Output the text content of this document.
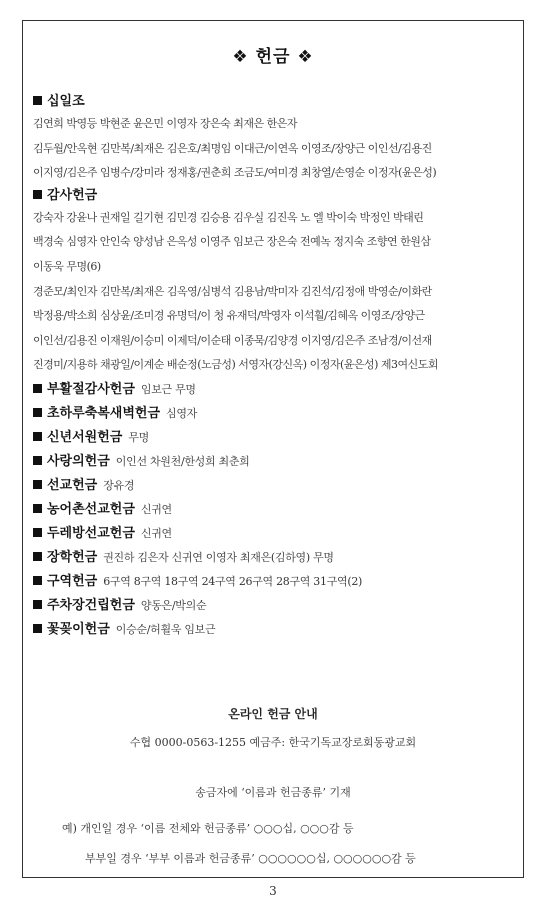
❖ 헌금 ❖
십일조
김연희 박영등 박현준 윤은민 이영자 장은숙 최재은 한은자
김두월/안옥현 김만복/최재은 김은호/최명임 이대근/이연옥 이영조/장양근 이인선/김용진
이지영/김은주 임병수/강미라 정재홍/권춘희 조금도/여미경 최창열/손영순 이정자(윤은성)
감사헌금
강숙자 강윤나 권재일 길기현 김민경 김승용 김우실 김진옥 노 엘 박이숙 박정인 박태린
백경숙 심영자 안인숙 양성남 은옥성 이영주 임보근 장은숙 전예녹 정지숙 조향연 한원삼
이동욱 무명(6)
경준모/최인자 김만복/최재은 김옥영/심병석 김용남/박미자 김진석/김정애 박영순/이화란
박정용/박소희 심상윤/조미경 유명덕/이 청 유재덕/박영자 이석훨/김혜옥 이영조/장양근
이인선/김용진 이재원/이승미 이제덕/이순태 이종묵/김양경 이지영/김은주 조남경/이선재
진경미/지용하 채광일/이계순 배순정(노금성) 서영자(강신옥) 이정자(윤은성) 제3여신도회
부활절감사헌금 임보근 무명
초하루축복새벽헌금 심영자
신년서원헌금 무명
사랑의헌금 이인선 차원천/한성희 최춘희
선교헌금 장유경
농어촌선교헌금 신귀연
두레방선교헌금 신귀연
장학헌금 권진하 김은자 신귀연 이영자 최재은(김하영) 무명
구역헌금 6구역 8구역 18구역 24구역 26구역 28구역 31구역(2)
주차장건립헌금 양동은/박의순
꽃꽂이헌금 이승순/허휠욱 임보근
온라인 헌금 안내
수협 0000-0563-1255 예금주: 한국기독교장로회동광교회
송금자에 ‘이름과 헌금종류’ 기재
예) 개인일 경우 ‘이름 전체와 헌금종류’ ○○○십, ○○○감 등
부부일 경우 ‘부부 이름과 헌금종류’ ○○○○○○십, ○○○○○○감 등
3
